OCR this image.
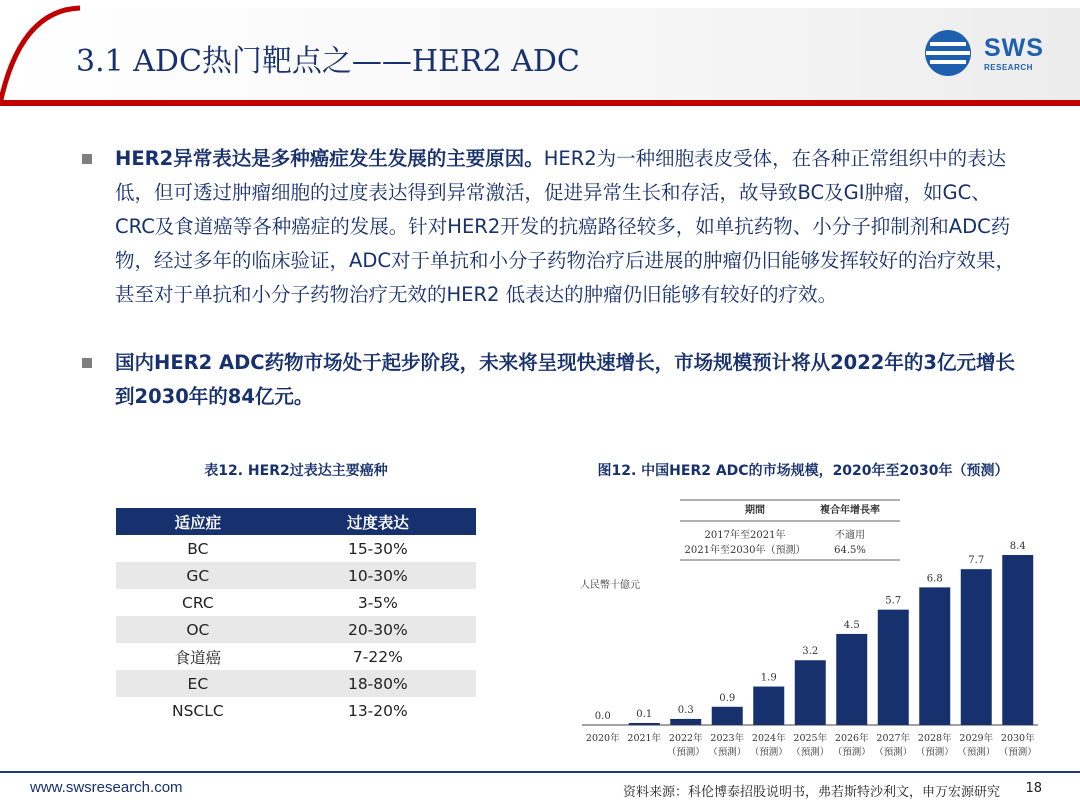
3.1 ADC热门靶点之——HER2 ADC	SWS
RESEARCH
HER2异常表达是多种癌症发生发展的主要原因。HER2为一种细胞表皮受体，在各种正常组织中的表达低，但可透过肿瘤细胞的过度表达得到异常激活，促进异常生长和存活，故导致BC及GI肿瘤，如GC、CRC及食道癌等各种癌症的发展。针对HER2开发的抗癌路径较多，如单抗药物、小分子抑制剂和ADC药物，经过多年的临床验证，ADC对于单抗和小分子药物治疗后进展的肿瘤仍旧能够发挥较好的治疗效果，甚至对于单抗和小分子药物治疗无效的HER2 低表达的肿瘤仍旧能够有较好的疗效。
国内HER2 ADC药物市场处于起步阶段，未来将呈现快速增长，市场规模预计将从2022年的3亿元增长到2030年的84亿元。
表12. HER2过表达主要癌种
适应症	过度表达
BC	15-30%
GC	10-30%
CRC	3-5%
OC	20-30%
食道癌	7-22%
EC	18-80%
NSCLC	13-20%
图12. 中国HER2 ADC的市场规模，2020年至2030年（预测）
期間	複合年增長率
2017年至2021年	不適用
2021年至2030年（預測）	64.5%
人民幣十億元
0.0
2020年
0.1
2021年
0.3
2022年
（預測）
0.9
2023年
（預測）
1.9
2024年
（預測）
3.2
2025年
（預測）
4.5
2026年
（預測）
5.7
2027年
（預測）
6.8
2028年
（預測）
7.7
2029年
（預測）
8.4
2030年
（預測）
www.swsresearch.com	资料来源：科伦博泰招股说明书，弗若斯特沙利文，申万宏源研究 18
